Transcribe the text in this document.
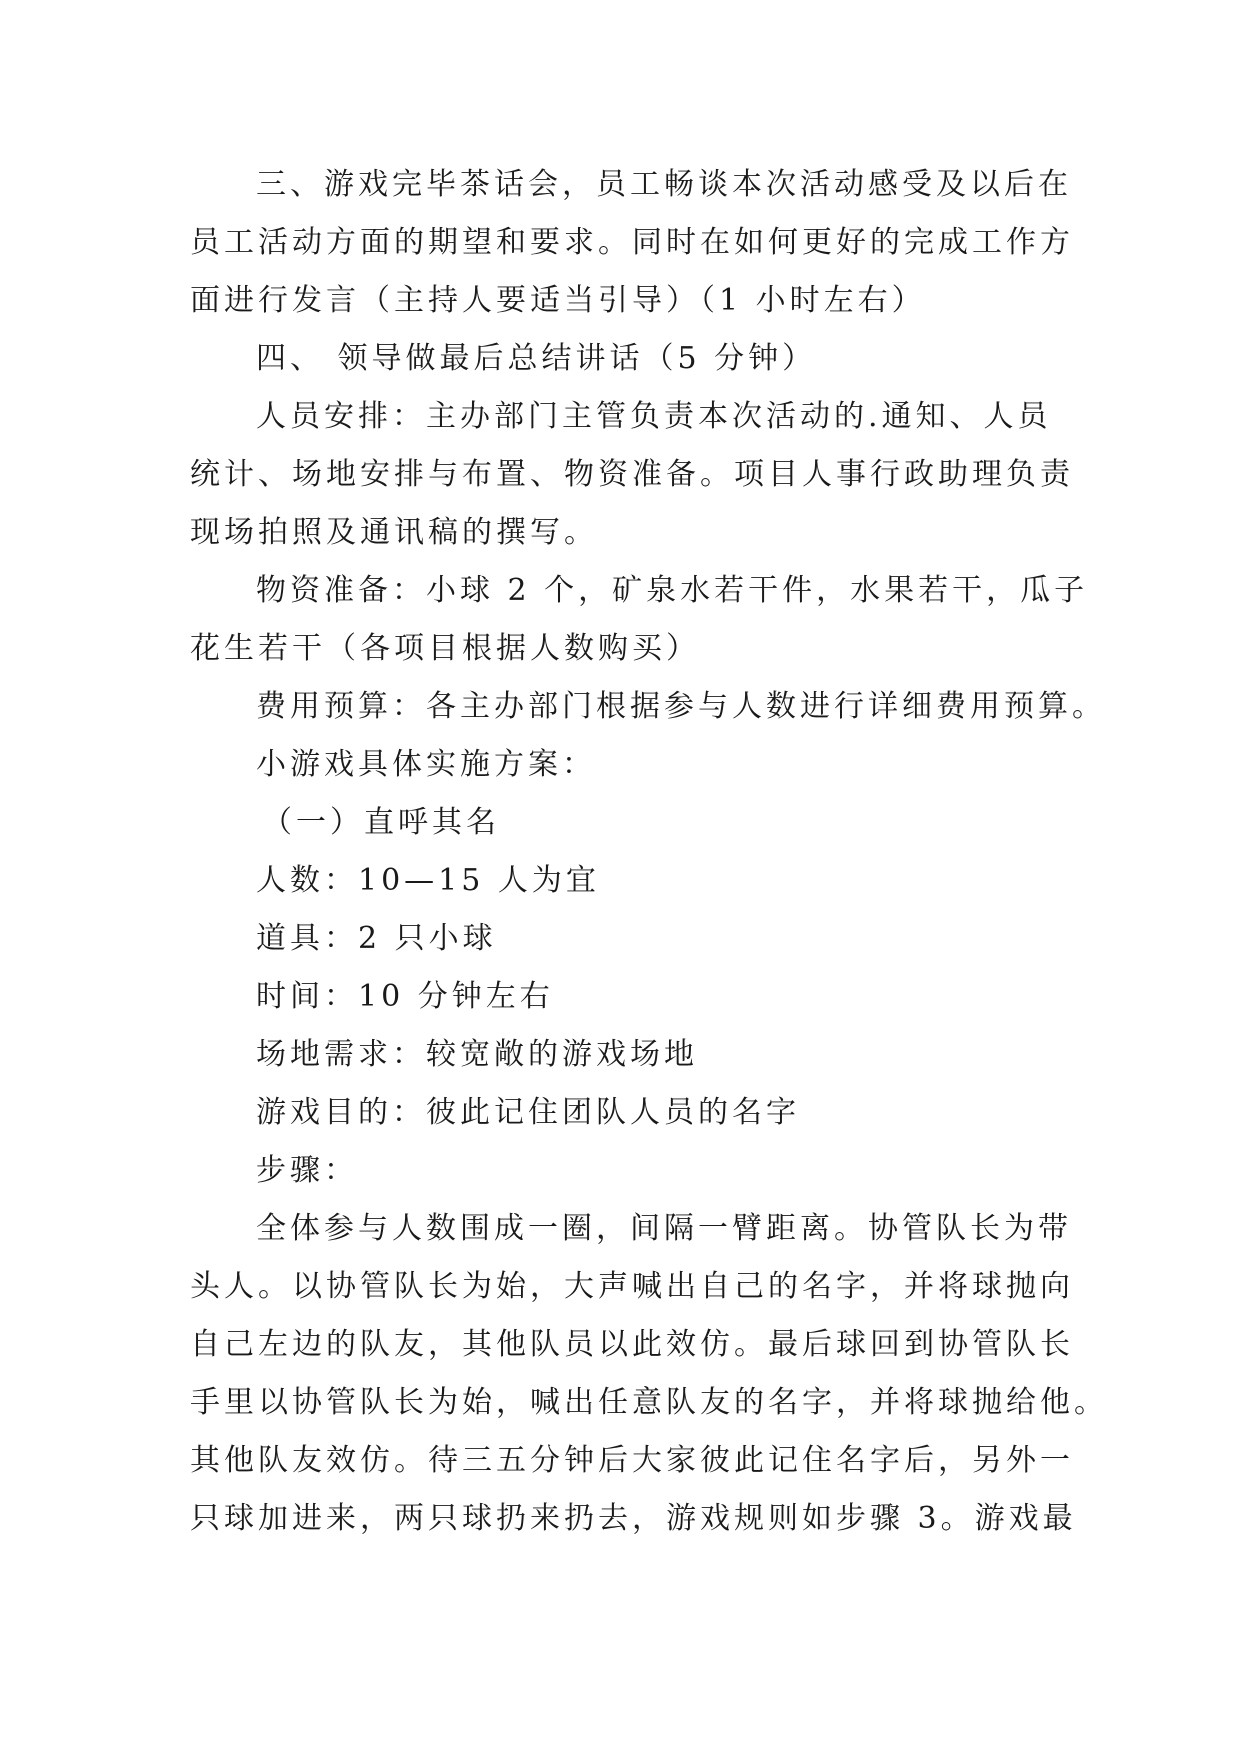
三、游戏完毕茶话会，员工畅谈本次活动感受及以后在
员工活动方面的期望和要求。同时在如何更好的完成工作方
面进行发言（主持人要适当引导）（1 小时左右）
四、 领导做最后总结讲话（5 分钟）
人员安排：主办部门主管负责本次活动的.通知、人员
统计、场地安排与布置、物资准备。项目人事行政助理负责
现场拍照及通讯稿的撰写。
物资准备：小球 2 个，矿泉水若干件，水果若干，瓜子
花生若干（各项目根据人数购买）
费用预算：各主办部门根据参与人数进行详细费用预算。
小游戏具体实施方案：
（一）直呼其名
人数：10—15 人为宜
道具：2 只小球
时间：10 分钟左右
场地需求：较宽敞的游戏场地
游戏目的：彼此记住团队人员的名字
步骤：
全体参与人数围成一圈，间隔一臂距离。协管队长为带
头人。以协管队长为始，大声喊出自己的名字，并将球抛向
自己左边的队友，其他队员以此效仿。最后球回到协管队长
手里以协管队长为始，喊出任意队友的名字，并将球抛给他。
其他队友效仿。待三五分钟后大家彼此记住名字后，另外一
只球加进来，两只球扔来扔去，游戏规则如步骤 3。游戏最
